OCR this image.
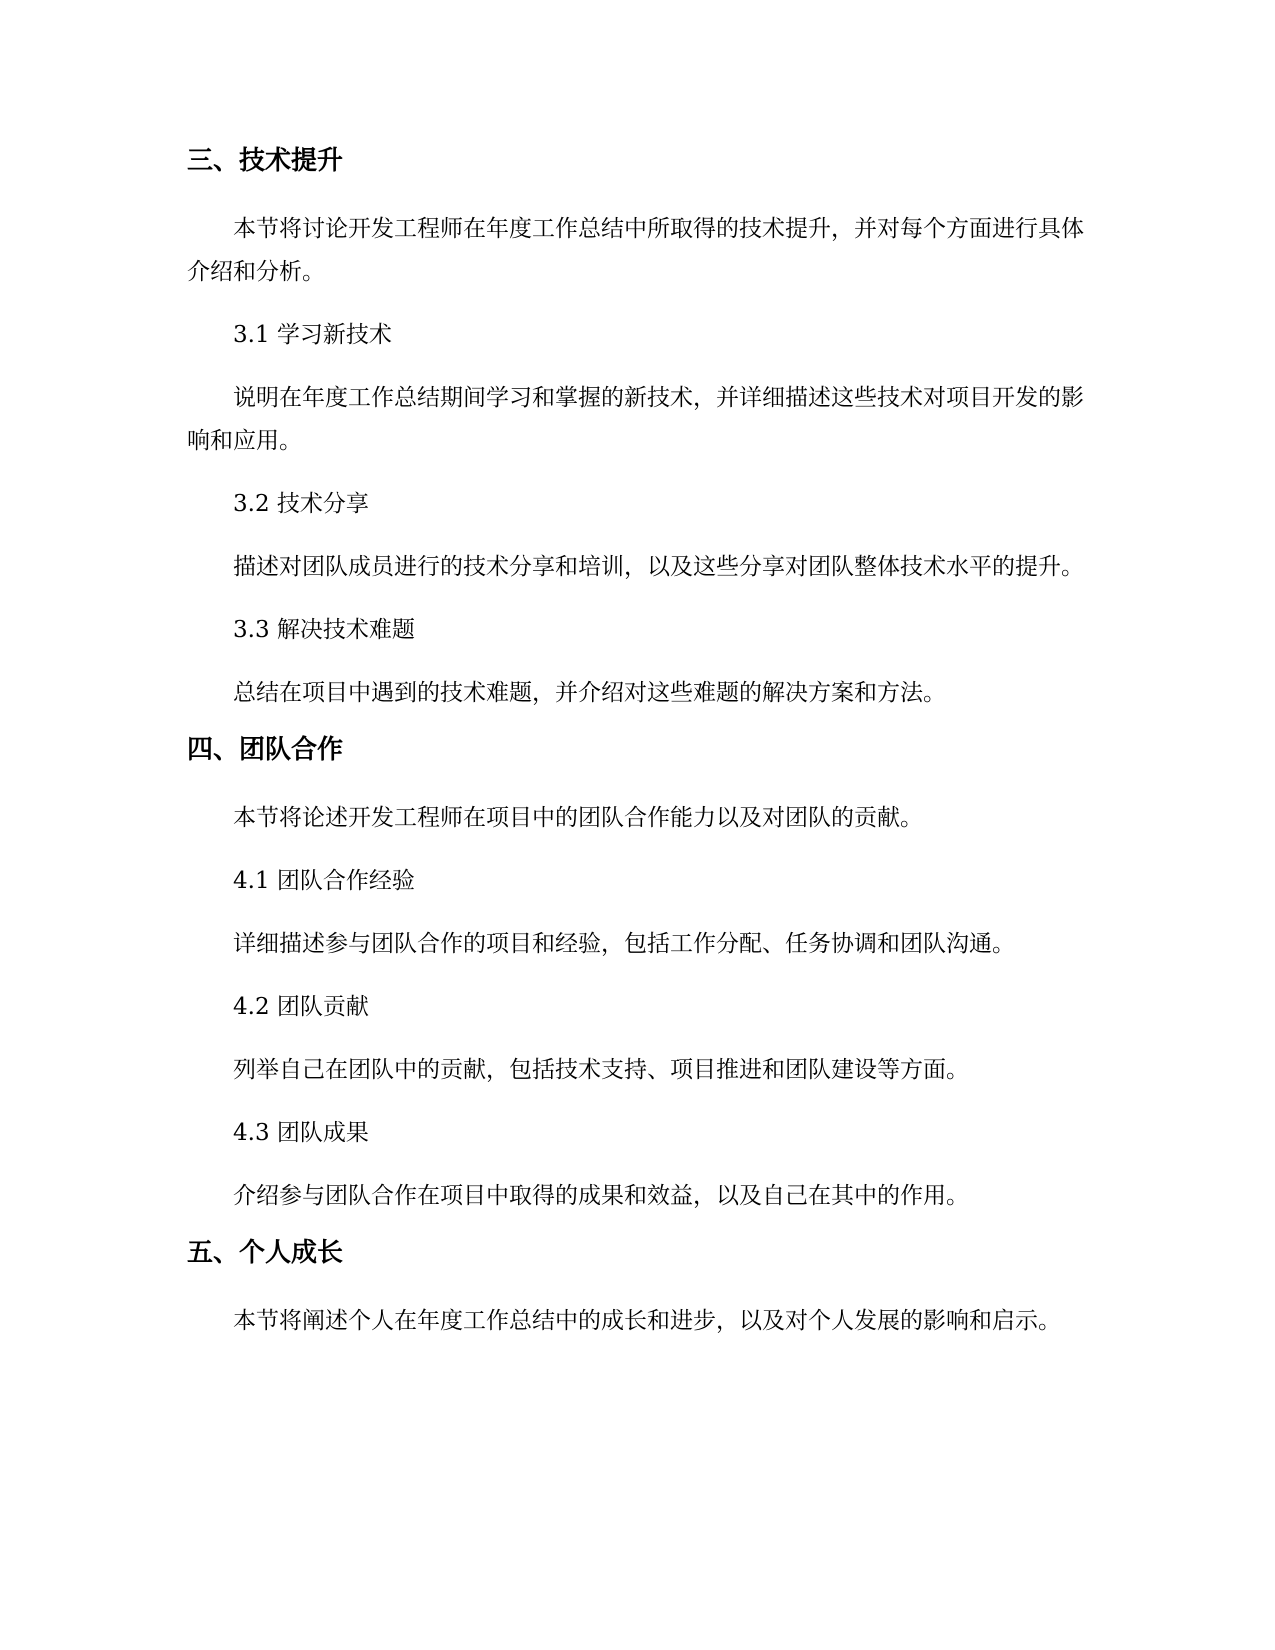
三、技术提升
本节将讨论开发工程师在年度工作总结中所取得的技术提升，并对每个方面进行具体介绍和分析。
3.1 学习新技术
说明在年度工作总结期间学习和掌握的新技术，并详细描述这些技术对项目开发的影响和应用。
3.2 技术分享
描述对团队成员进行的技术分享和培训，以及这些分享对团队整体技术水平的提升。
3.3 解决技术难题
总结在项目中遇到的技术难题，并介绍对这些难题的解决方案和方法。
四、团队合作
本节将论述开发工程师在项目中的团队合作能力以及对团队的贡献。
4.1 团队合作经验
详细描述参与团队合作的项目和经验，包括工作分配、任务协调和团队沟通。
4.2 团队贡献
列举自己在团队中的贡献，包括技术支持、项目推进和团队建设等方面。
4.3 团队成果
介绍参与团队合作在项目中取得的成果和效益，以及自己在其中的作用。
五、个人成长
本节将阐述个人在年度工作总结中的成长和进步，以及对个人发展的影响和启示。
